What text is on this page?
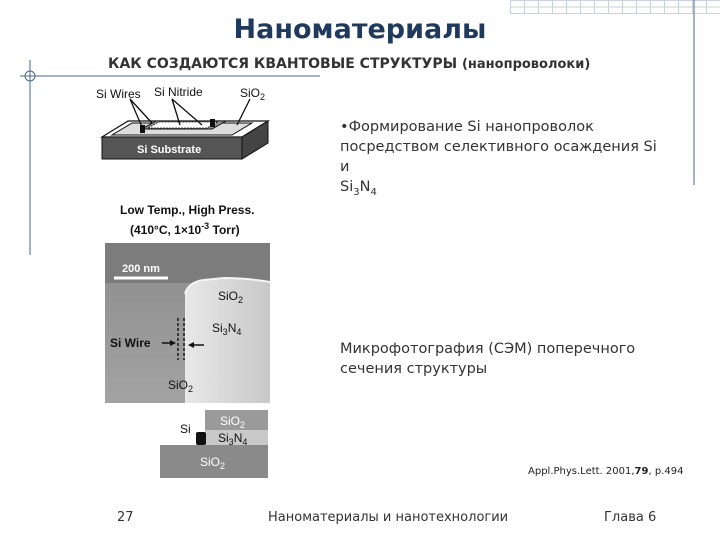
Наноматериалы
КАК СОЗДАЮТСЯ КВАНТОВЫЕ СТРУКТУРЫ (нанопроволоки)
Si Substrate
Si Wires Si Nitride	SiO$_2$
•Формирование Si нанопроволок
посредством селективного осаждения Si и
$Si_3N_4$
Low Temp., High Press.
(410°C, $1\times 10^{-3}$ Torr)
200 nm
SiO$_2$
$Si_3N_4$
Si Wire
SiO$_2$
Si
SiO$_2$
$Si_3N_4$
SiO$_2$
Микрофотография (СЭМ) поперечного
сечения структуры
Appl.Phys.Lett. 2001,79, p.494
27	Наноматериалы и нанотехнологии	Глава 6
